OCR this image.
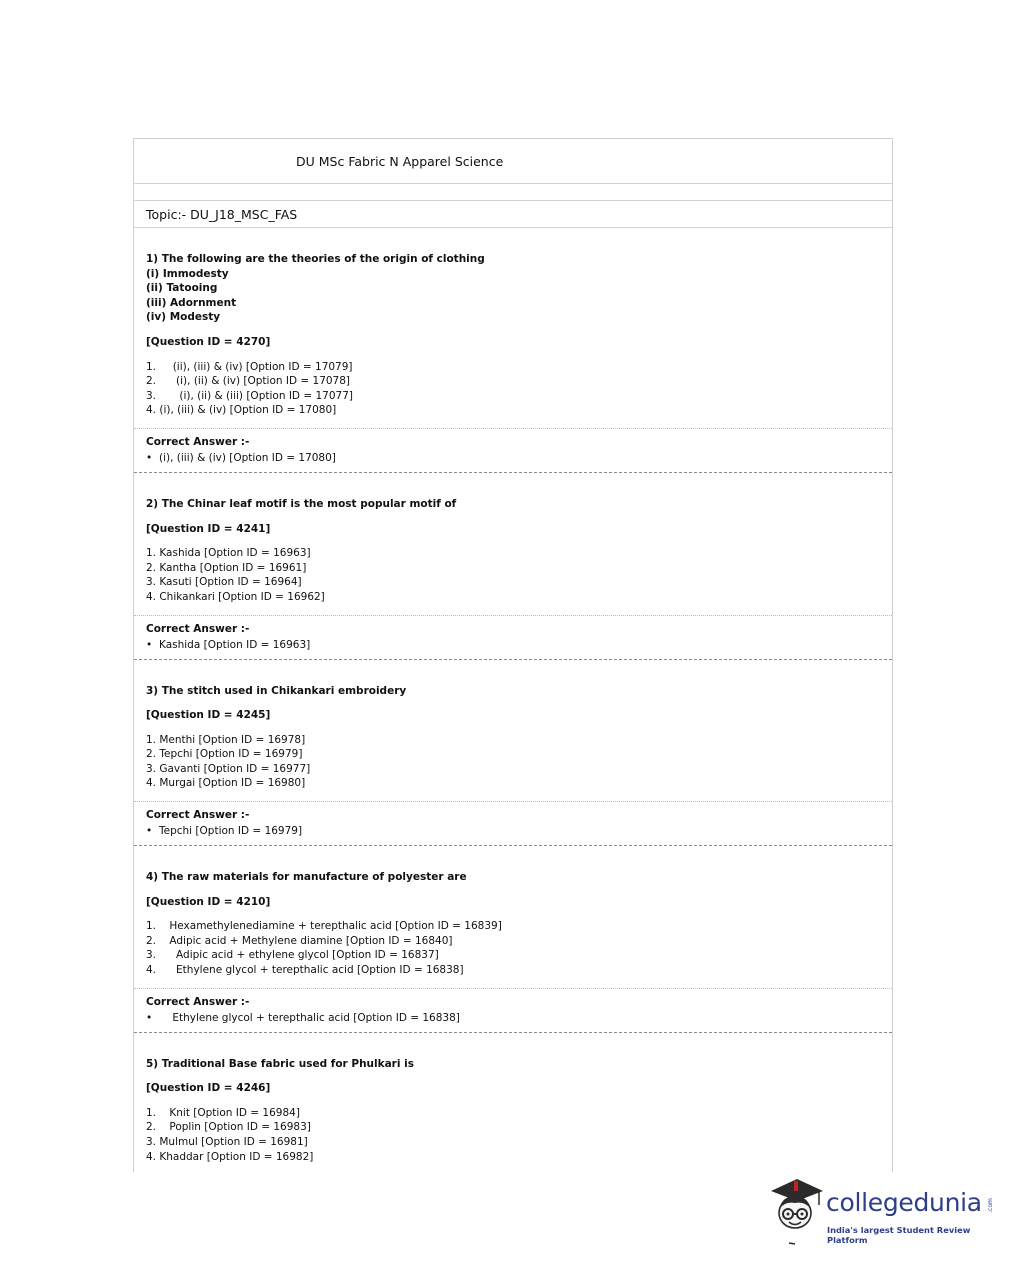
DU MSc Fabric N Apparel Science
Topic:- DU_J18_MSC_FAS
1) The following are the theories of the origin of clothing
(i) Immodesty
(ii) Tatooing
(iii) Adornment
(iv) Modesty
[Question ID = 4270]
1.     (ii), (iii) & (iv) [Option ID = 17079]
2.      (i), (ii) & (iv) [Option ID = 17078]
3.       (i), (ii) & (iii) [Option ID = 17077]
4. (i), (iii) & (iv) [Option ID = 17080]
Correct Answer :-
• (i), (iii) & (iv) [Option ID = 17080]
2) The Chinar leaf motif is the most popular motif of
[Question ID = 4241]
1. Kashida [Option ID = 16963]
2. Kantha [Option ID = 16961]
3. Kasuti [Option ID = 16964]
4. Chikankari [Option ID = 16962]
Correct Answer :-
• Kashida [Option ID = 16963]
3) The stitch used in Chikankari embroidery
[Question ID = 4245]
1. Menthi [Option ID = 16978]
2. Tepchi [Option ID = 16979]
3. Gavanti [Option ID = 16977]
4. Murgai [Option ID = 16980]
Correct Answer :-
• Tepchi [Option ID = 16979]
4) The raw materials for manufacture of polyester are
[Question ID = 4210]
1.    Hexamethylenediamine + terepthalic acid [Option ID = 16839]
2.    Adipic acid + Methylene diamine [Option ID = 16840]
3.      Adipic acid + ethylene glycol [Option ID = 16837]
4.      Ethylene glycol + terepthalic acid [Option ID = 16838]
Correct Answer :-
• Ethylene glycol + terepthalic acid [Option ID = 16838]
5) Traditional Base fabric used for Phulkari is
[Question ID = 4246]
1.    Knit [Option ID = 16984]
2.    Poplin [Option ID = 16983]
3. Mulmul [Option ID = 16981]
4. Khaddar [Option ID = 16982]
collegedunia .com
India's largest Student Review Platform
